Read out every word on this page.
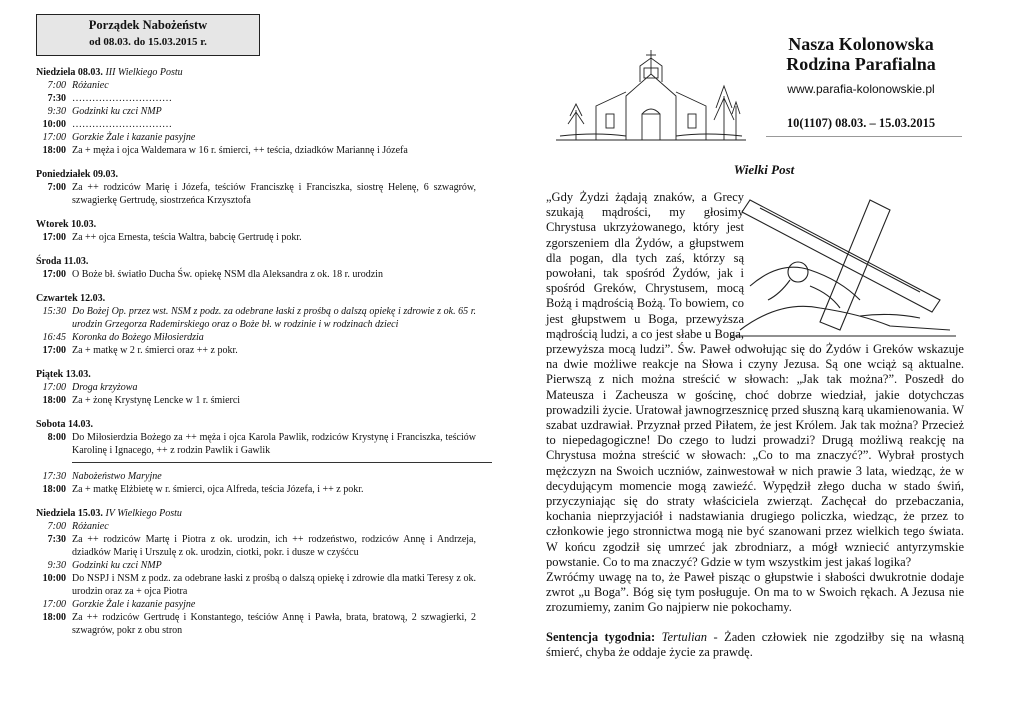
Porządek Nabożeństw
od 08.03. do 15.03.2015 r.
Niedziela 08.03. III Wielkiego Postu
7:00 Różaniec
7:30 …………………………
9:30 Godzinki ku czci NMP
10:00 …………………………
17:00 Gorzkie Żale i kazanie pasyjne
18:00 Za + męża i ojca Waldemara w 16 r. śmierci, ++ teścia, dziadków Mariannę i Józefa
Poniedziałek 09.03.
7:00 Za ++ rodziców Marię i Józefa, teściów Franciszkę i Franciszka, siostrę Helenę, 6 szwagrów, szwagierkę Gertrudę, siostrzeńca Krzysztofa
Wtorek 10.03.
17:00 Za ++ ojca Ernesta, teścia Waltra, babcię Gertrudę i pokr.
Środa 11.03.
17:00 O Boże bł. światło Ducha Św. opiekę NSM dla Aleksandra z ok. 18 r. urodzin
Czwartek 12.03.
15:30 Do Bożej Op. przez wst. NSM z podz. za odebrane łaski z prośbą o dalszą opiekę i zdrowie z ok. 65 r. urodzin Grzegorza Rademirskiego oraz o Boże bł. w rodzinie i w rodzinach dzieci
16:45 Koronka do Bożego Miłosierdzia
17:00 Za + matkę w 2 r. śmierci oraz ++ z pokr.
Piątek 13.03.
17:00 Droga krzyżowa
18:00 Za + żonę Krystynę Lencke w 1 r. śmierci
Sobota 14.03.
8:00 Do Miłosierdzia Bożego za ++ męża i ojca Karola Pawlik, rodziców Krystynę i Franciszka, teściów Karolinę i Ignacego, ++ z rodzin Pawlik i Gawlik
17:30 Nabożeństwo Maryjne
18:00 Za + matkę Elżbietę w r. śmierci, ojca Alfreda, teścia Józefa, i ++ z pokr.
Niedziela 15.03. IV Wielkiego Postu
7:00 Różaniec
7:30 Za ++ rodziców Martę i Piotra z ok. urodzin, ich ++ rodzeństwo, rodziców Annę i Andrzeja, dziadków Marię i Urszulę z ok. urodzin, ciotki, pokr. i dusze w czyśćcu
9:30 Godzinki ku czci NMP
10:00 Do NSPJ i NSM z podz. za odebrane łaski z prośbą o dalszą opiekę i zdrowie dla matki Teresy z ok. urodzin oraz za + ojca Piotra
17:00 Gorzkie Żale i kazanie pasyjne
18:00 Za ++ rodziców Gertrudę i Konstantego, teściów Annę i Pawła, brata, bratową, 2 szwagierki, 2 szwagrów, pokr z obu stron
Nasza Kolonowska
Rodzina Parafialna
www.parafia-kolonowskie.pl
10(1107) 08.03. – 15.03.2015
Wielki Post
„Gdy Żydzi żądają znaków, a Grecy szukają mądrości, my głosimy Chrystusa ukrzyżowanego, który jest zgorszeniem dla Żydów, a głupstwem dla pogan, dla tych zaś, którzy są powołani, tak spośród Żydów, jak i spośród Greków, Chrystusem, mocą Bożą i mądrością Bożą. To bowiem, co jest głupstwem u Boga, przewyższa mądrością ludzi, a co jest słabe u Boga, przewyższa mocą ludzi”. Św. Paweł odwołując się do Żydów i Greków wskazuje na dwie możliwe reakcje na Słowa i czyny Jezusa. Są one wciąż są aktualne. Pierwszą z nich można streścić w słowach: „Jak tak można?”. Poszedł do Mateusza i Zacheusza w gościnę, choć dobrze wiedział, jakie dotychczas prowadzili życie. Uratował jawnogrzesznicę przed słuszną karą ukamienowania. W szabat uzdrawiał. Przyznał przed Piłatem, że jest Królem. Jak tak można? Przecież to niepedagogiczne! Do czego to ludzi prowadzi? Drugą możliwą reakcję na Chrystusa można streścić w słowach: „Co to ma znaczyć?”. Wybrał prostych mężczyzn na Swoich uczniów, zainwestował w nich prawie 3 lata, wiedząc, że w decydującym momencie mogą zawieźć. Wypędził złego ducha w stado świń, przyczyniając się do straty właściciela zwierząt. Zachęcał do przebaczania, kochania nieprzyjaciół i nadstawiania drugiego policzka, wiedząc, że przez to członkowie jego stronnictwa mogą nie być szanowani przez wielkich tego świata. W końcu zgodził się umrzeć jak zbrodniarz, a mógł wzniecić antyrzymskie powstanie. Co to ma znaczyć? Gdzie w tym wszystkim jest jakaś logika?
Zwróćmy uwagę na to, że Paweł pisząc o głupstwie i słabości dwukrotnie dodaje zwrot „u Boga”. Bóg się tym posługuje. On ma to w Swoich rękach. A Jezusa nie zrozumiemy, zanim Go najpierw nie pokochamy.
Sentencja tygodnia: Tertulian - Żaden człowiek nie zgodziłby się na własną śmierć, chyba że oddaje życie za prawdę.
